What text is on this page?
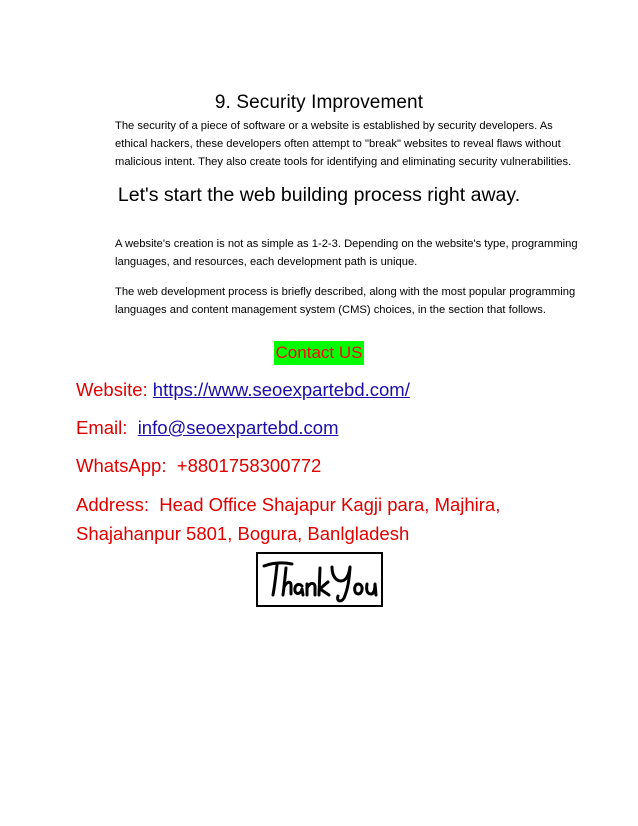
9. Security Improvement
The security of a piece of software or a website is established by security developers. As ethical hackers, these developers often attempt to "break" websites to reveal flaws without malicious intent. They also create tools for identifying and eliminating security vulnerabilities.
Let's start the web building process right away.
A website's creation is not as simple as 1-2-3. Depending on the website's type, programming languages, and resources, each development path is unique.
The web development process is briefly described, along with the most popular programming languages and content management system (CMS) choices, in the section that follows.
Contact US
Website: https://www.seoexpartebd.com/
Email: info@seoexpartebd.com
WhatsApp: +8801758300772
Address: Head Office Shajapur Kagji para, Majhira, Shajahanpur 5801, Bogura, Banlgladesh
